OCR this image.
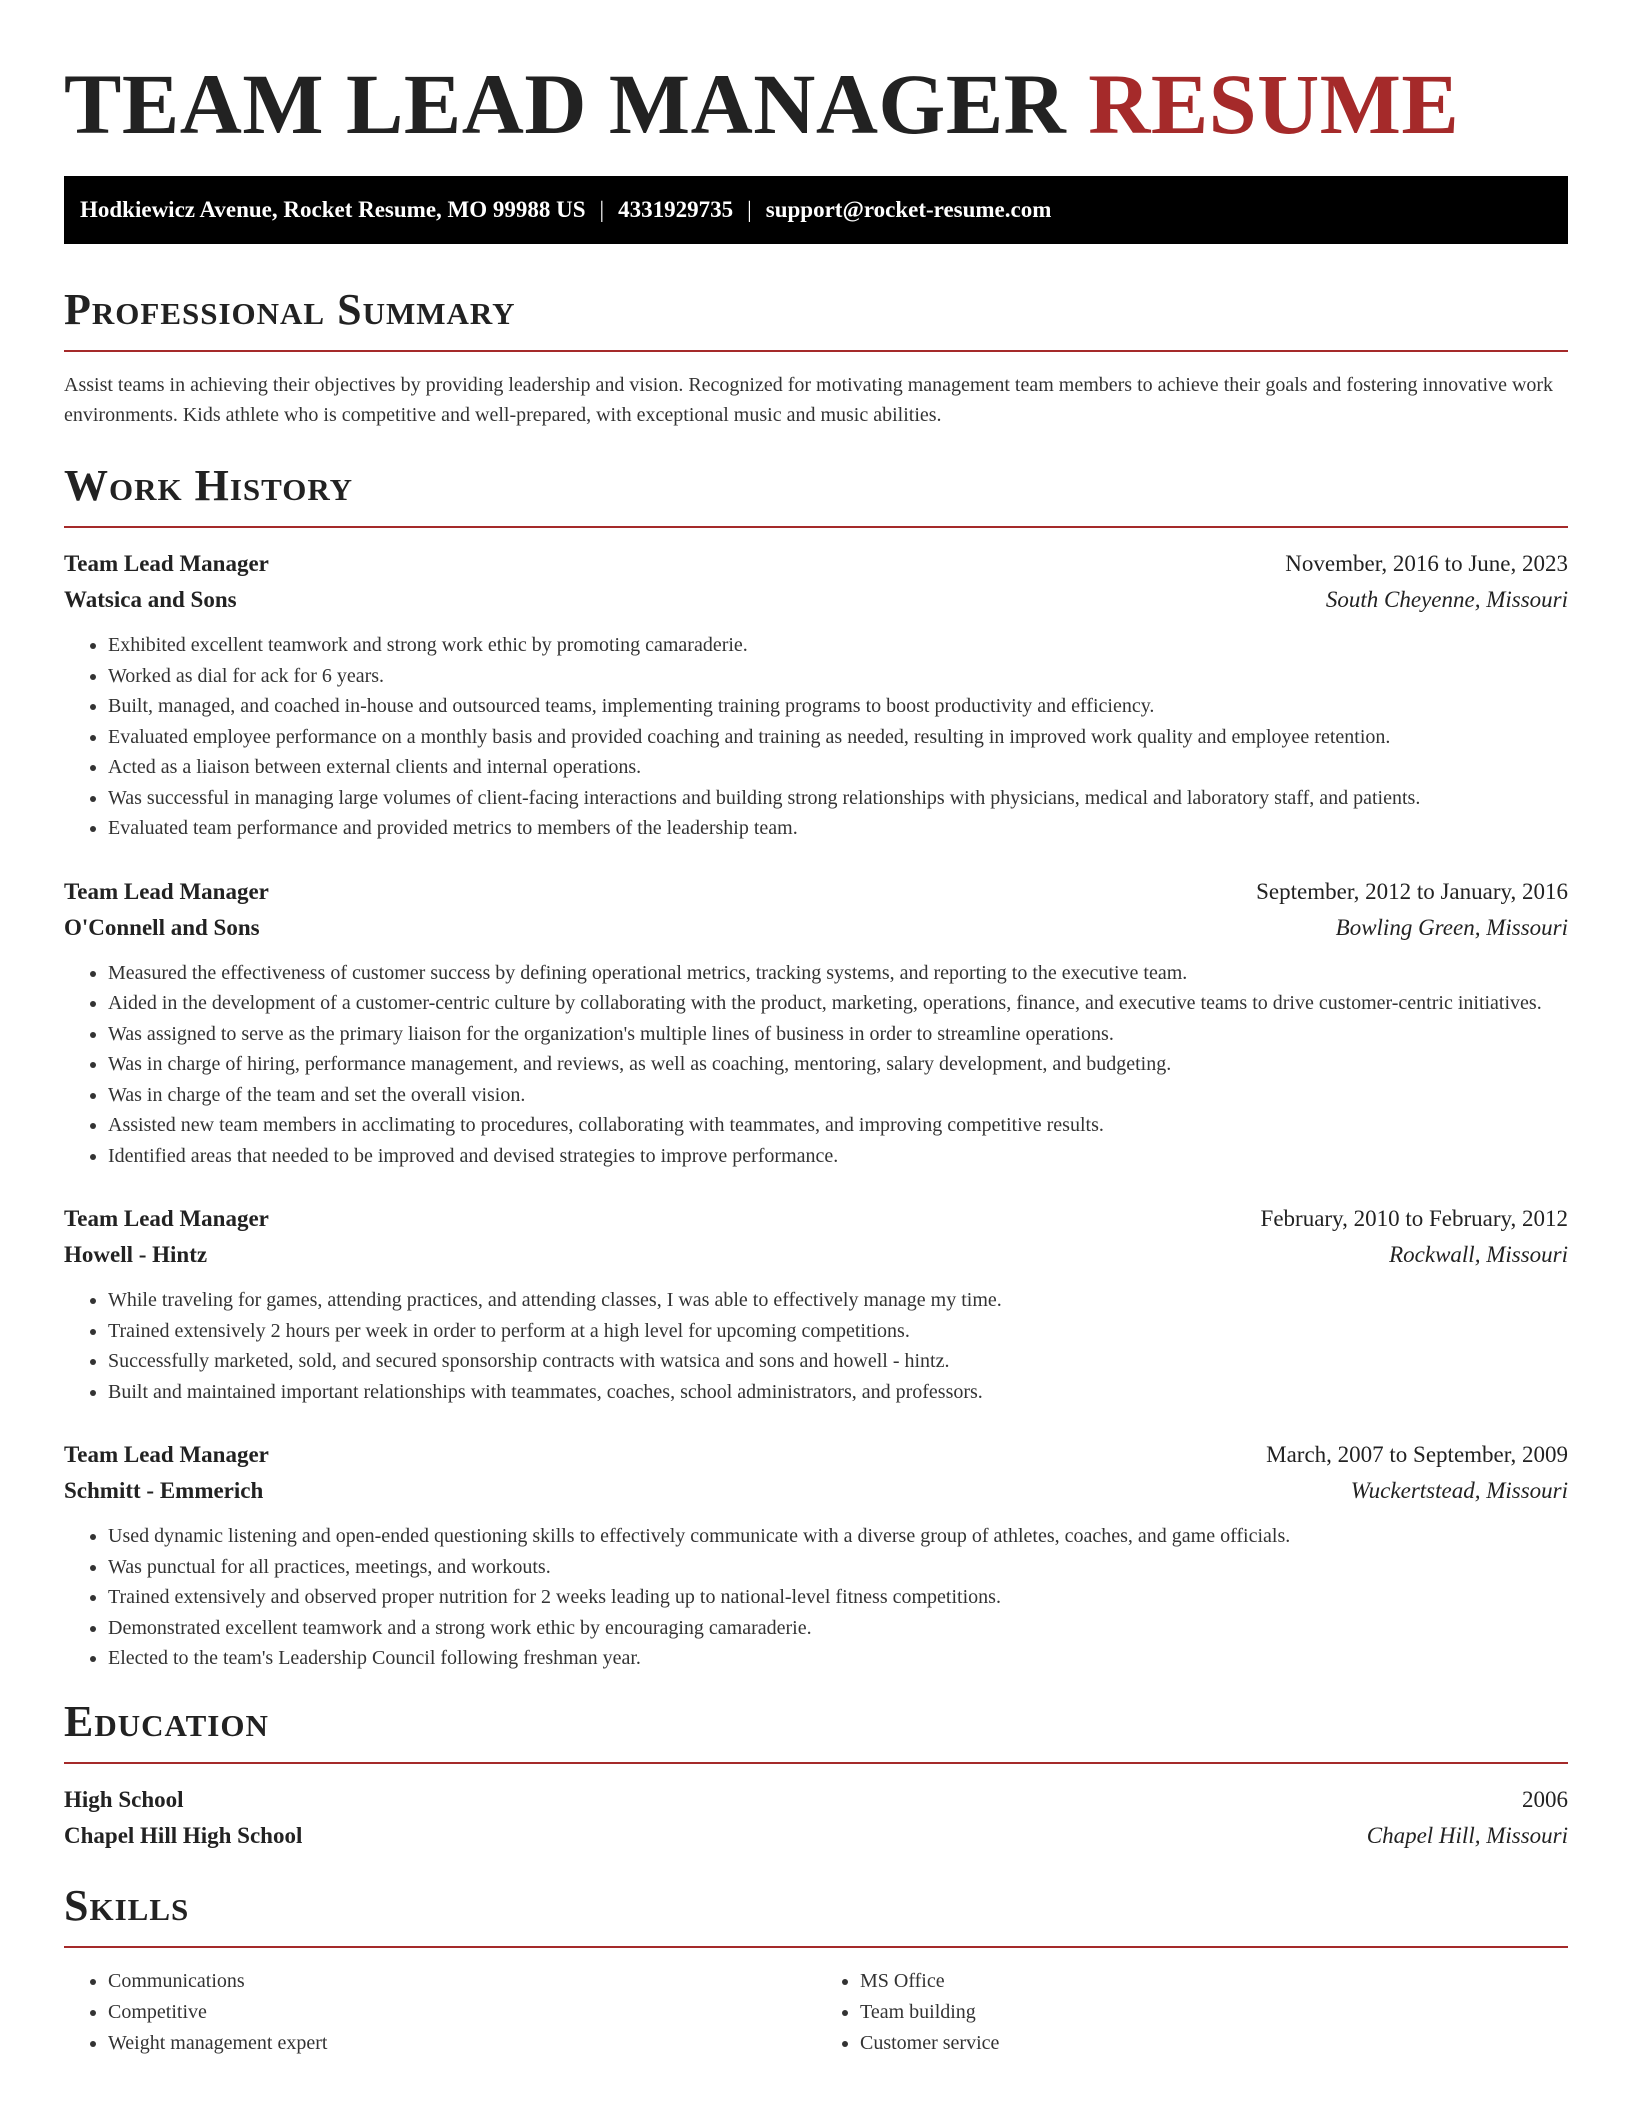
TEAM LEAD MANAGER RESUME
Hodkiewicz Avenue, Rocket Resume, MO 99988 US | 4331929735 | support@rocket-resume.com
Professional Summary

Assist teams in achieving their objectives by providing leadership and vision. Recognized for motivating management team members to achieve their goals and fostering innovative work environments. Kids athlete who is competitive and well-prepared, with exceptional music and music abilities.

Work History
Team Lead Manager	November, 2016 to June, 2023
Watsica and Sons	South Cheyenne, Missouri
• Exhibited excellent teamwork and strong work ethic by promoting camaraderie.
• Worked as dial for ack for 6 years.
• Built, managed, and coached in-house and outsourced teams, implementing training programs to boost productivity and efficiency.
• Evaluated employee performance on a monthly basis and provided coaching and training as needed, resulting in improved work quality and employee retention.
• Acted as a liaison between external clients and internal operations.
• Was successful in managing large volumes of client-facing interactions and building strong relationships with physicians, medical and laboratory staff, and patients.
• Evaluated team performance and provided metrics to members of the leadership team.
Team Lead Manager	September, 2012 to January, 2016
O'Connell and Sons	Bowling Green, Missouri
• Measured the effectiveness of customer success by defining operational metrics, tracking systems, and reporting to the executive team.
• Aided in the development of a customer-centric culture by collaborating with the product, marketing, operations, finance, and executive teams to drive customer-centric initiatives.
• Was assigned to serve as the primary liaison for the organization's multiple lines of business in order to streamline operations.
• Was in charge of hiring, performance management, and reviews, as well as coaching, mentoring, salary development, and budgeting.
• Was in charge of the team and set the overall vision.
• Assisted new team members in acclimating to procedures, collaborating with teammates, and improving competitive results.
• Identified areas that needed to be improved and devised strategies to improve performance.
Team Lead Manager	February, 2010 to February, 2012
Howell - Hintz	Rockwall, Missouri
• While traveling for games, attending practices, and attending classes, I was able to effectively manage my time.
• Trained extensively 2 hours per week in order to perform at a high level for upcoming competitions.
• Successfully marketed, sold, and secured sponsorship contracts with watsica and sons and howell - hintz.
• Built and maintained important relationships with teammates, coaches, school administrators, and professors.
Team Lead Manager	March, 2007 to September, 2009
Schmitt - Emmerich	Wuckertstead, Missouri
• Used dynamic listening and open-ended questioning skills to effectively communicate with a diverse group of athletes, coaches, and game officials.
• Was punctual for all practices, meetings, and workouts.
• Trained extensively and observed proper nutrition for 2 weeks leading up to national-level fitness competitions.
• Demonstrated excellent teamwork and a strong work ethic by encouraging camaraderie.
• Elected to the team's Leadership Council following freshman year.
Education
High School	2006
Chapel Hill High School	Chapel Hill, Missouri
Skills
• Communications
• Competitive
• Weight management expert
• MS Office
• Team building
• Customer service
